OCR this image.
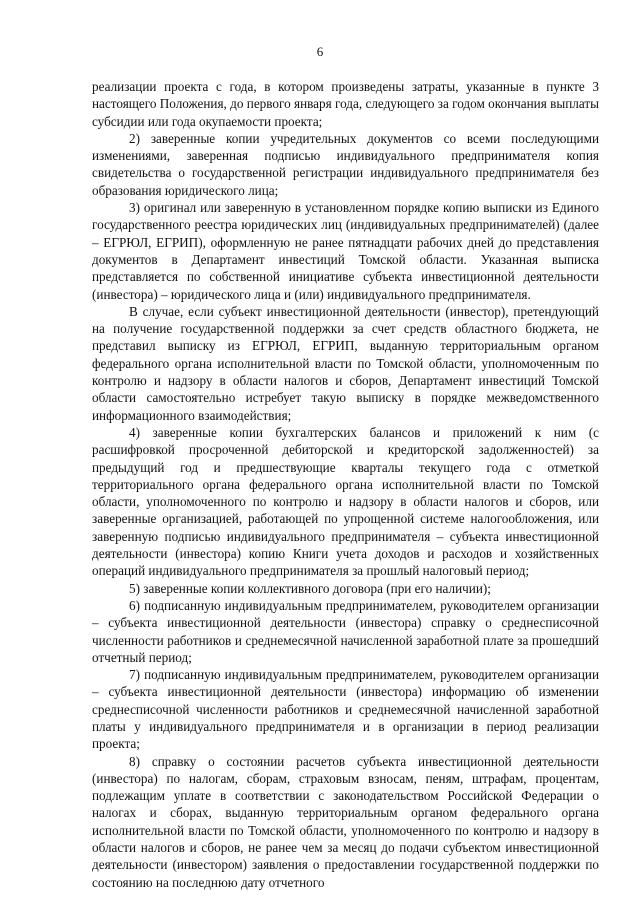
6

реализации проекта с года, в котором произведены затраты, указанные в пункте 3 настоящего Положения, до первого января года, следующего за годом окончания выплаты субсидии или года окупаемости проекта;

2) заверенные копии учредительных документов со всеми последующими изменениями, заверенная подписью индивидуального предпринимателя копия свидетельства о государственной регистрации индивидуального предпринимателя без образования юридического лица;

3) оригинал или заверенную в установленном порядке копию выписки из Единого государственного реестра юридических лиц (индивидуальных предпринимателей) (далее – ЕГРЮЛ, ЕГРИП), оформленную не ранее пятнадцати рабочих дней до представления документов в Департамент инвестиций Томской области. Указанная выписка представляется по собственной инициативе субъекта инвестиционной деятельности (инвестора) – юридического лица и (или) индивидуального предпринимателя.

В случае, если субъект инвестиционной деятельности (инвестор), претендующий на получение государственной поддержки за счет средств областного бюджета, не представил выписку из ЕГРЮЛ, ЕГРИП, выданную территориальным органом федерального органа исполнительной власти по Томской области, уполномоченным по контролю и надзору в области налогов и сборов, Департамент инвестиций Томской области самостоятельно истребует такую выписку в порядке межведомственного информационного взаимодействия;

4) заверенные копии бухгалтерских балансов и приложений к ним (с расшифровкой просроченной дебиторской и кредиторской задолженностей) за предыдущий год и предшествующие кварталы текущего года с отметкой территориального органа федерального органа исполнительной власти по Томской области, уполномоченного по контролю и надзору в области налогов и сборов, или заверенные организацией, работающей по упрощенной системе налогообложения, или заверенную подписью индивидуального предпринимателя – субъекта инвестиционной деятельности (инвестора) копию Книги учета доходов и расходов и хозяйственных операций индивидуального предпринимателя за прошлый налоговый период;

5) заверенные копии коллективного договора (при его наличии);

6) подписанную индивидуальным предпринимателем, руководителем организации – субъекта инвестиционной деятельности (инвестора) справку о среднесписочной численности работников и среднемесячной начисленной заработной плате за прошедший отчетный период;

7) подписанную индивидуальным предпринимателем, руководителем организации – субъекта инвестиционной деятельности (инвестора) информацию об изменении среднесписочной численности работников и среднемесячной начисленной заработной платы у индивидуального предпринимателя и в организации в период реализации проекта;

8) справку о состоянии расчетов субъекта инвестиционной деятельности (инвестора) по налогам, сборам, страховым взносам, пеням, штрафам, процентам, подлежащим уплате в соответствии с законодательством Российской Федерации о налогах и сборах, выданную территориальным органом федерального органа исполнительной власти по Томской области, уполномоченного по контролю и надзору в области налогов и сборов, не ранее чем за месяц до подачи субъектом инвестиционной деятельности (инвестором) заявления о предоставлении государственной поддержки по состоянию на последнюю дату отчетного
